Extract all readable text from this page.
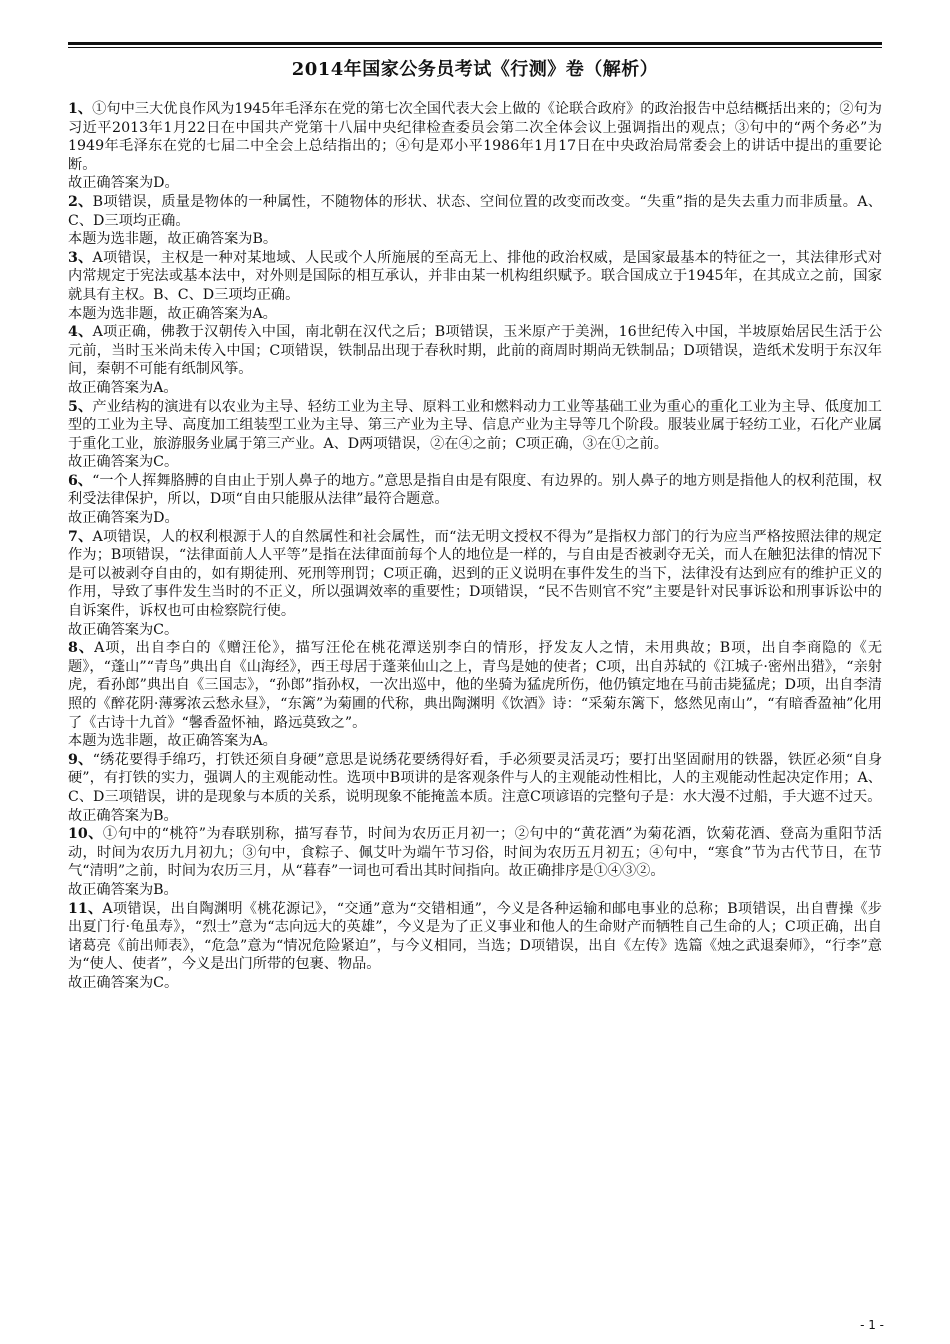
2014年国家公务员考试《行测》卷（解析）

1、①句中三大优良作风为1945年毛泽东在党的第七次全国代表大会上做的《论联合政府》的政治报告中总结概括出来的；②句为习近平2013年1月22日在中国共产党第十八届中央纪律检查委员会第二次全体会议上强调指出的观点；③句中的“两个务必”为1949年毛泽东在党的七届二中全会上总结指出的；④句是邓小平1986年1月17日在中央政治局常委会上的讲话中提出的重要论断。

故正确答案为D。

2、B项错误，质量是物体的一种属性，不随物体的形状、状态、空间位置的改变而改变。“失重”指的是失去重力而非质量。A、C、D三项均正确。

本题为选非题，故正确答案为B。

3、A项错误，主权是一种对某地域、人民或个人所施展的至高无上、排他的政治权威，是国家最基本的特征之一，其法律形式对内常规定于宪法或基本法中，对外则是国际的相互承认，并非由某一机构组织赋予。联合国成立于1945年，在其成立之前，国家就具有主权。B、C、D三项均正确。

本题为选非题，故正确答案为A。

4、A项正确，佛教于汉朝传入中国，南北朝在汉代之后；B项错误，玉米原产于美洲，16世纪传入中国，半坡原始居民生活于公元前，当时玉米尚未传入中国；C项错误，铁制品出现于春秋时期，此前的商周时期尚无铁制品；D项错误，造纸术发明于东汉年间，秦朝不可能有纸制风筝。

故正确答案为A。

5、产业结构的演进有以农业为主导、轻纺工业为主导、原料工业和燃料动力工业等基础工业为重心的重化工业为主导、低度加工型的工业为主导、高度加工组装型工业为主导、第三产业为主导、信息产业为主导等几个阶段。服装业属于轻纺工业，石化产业属于重化工业，旅游服务业属于第三产业。A、D两项错误，②在④之前；C项正确，③在①之前。

故正确答案为C。

6、“一个人挥舞胳膊的自由止于别人鼻子的地方。”意思是指自由是有限度、有边界的。别人鼻子的地方则是指他人的权利范围，权利受法律保护，所以，D项“自由只能服从法律”最符合题意。

故正确答案为D。

7、A项错误，人的权利根源于人的自然属性和社会属性，而“法无明文授权不得为”是指权力部门的行为应当严格按照法律的规定作为；B项错误，“法律面前人人平等”是指在法律面前每个人的地位是一样的，与自由是否被剥夺无关，而人在触犯法律的情况下是可以被剥夺自由的，如有期徒刑、死刑等刑罚；C项正确，迟到的正义说明在事件发生的当下，法律没有达到应有的维护正义的作用，导致了事件发生当时的不正义，所以强调效率的重要性；D项错误，“民不告则官不究”主要是针对民事诉讼和刑事诉讼中的自诉案件，诉权也可由检察院行使。

故正确答案为C。

8、A项，出自李白的《赠汪伦》，描写汪伦在桃花潭送别李白的情形，抒发友人之情，未用典故；B项，出自李商隐的《无题》，“蓬山”“青鸟”典出自《山海经》，西王母居于蓬莱仙山之上，青鸟是她的使者；C项，出自苏轼的《江城子·密州出猎》，“亲射虎，看孙郎”典出自《三国志》，“孙郎”指孙权，一次出巡中，他的坐骑为猛虎所伤，他仍镇定地在马前击毙猛虎；D项，出自李清照的《醉花阴·薄雾浓云愁永昼》，“东篱”为菊圃的代称，典出陶渊明《饮酒》诗：“采菊东篱下，悠然见南山”，“有暗香盈袖”化用了《古诗十九首》“馨香盈怀袖，路远莫致之”。

本题为选非题，故正确答案为A。

9、“绣花要得手绵巧，打铁还须自身硬”意思是说绣花要绣得好看，手必须要灵活灵巧；要打出坚固耐用的铁器，铁匠必须“自身硬”，有打铁的实力，强调人的主观能动性。选项中B项讲的是客观条件与人的主观能动性相比，人的主观能动性起决定作用；A、C、D三项错误，讲的是现象与本质的关系，说明现象不能掩盖本质。注意C项谚语的完整句子是：水大漫不过船，手大遮不过天。

故正确答案为B。

10、①句中的“桃符”为春联别称，描写春节，时间为农历正月初一；②句中的“黄花酒”为菊花酒，饮菊花酒、登高为重阳节活动，时间为农历九月初九；③句中，食粽子、佩艾叶为端午节习俗，时间为农历五月初五；④句中，“寒食”节为古代节日，在节气“清明”之前，时间为农历三月，从“暮春”一词也可看出其时间指向。故正确排序是①④③②。

故正确答案为B。

11、A项错误，出自陶渊明《桃花源记》，“交通”意为“交错相通”，今义是各种运输和邮电事业的总称；B项错误，出自曹操《步出夏门行·龟虽寿》，“烈士”意为“志向远大的英雄”，今义是为了正义事业和他人的生命财产而牺牲自己生命的人；C项正确，出自诸葛亮《前出师表》，“危急”意为“情况危险紧迫”，与今义相同，当选；D项错误，出自《左传》选篇《烛之武退秦师》，“行李”意为“使人、使者”，今义是出门所带的包裹、物品。

故正确答案为C。

- 1 -
